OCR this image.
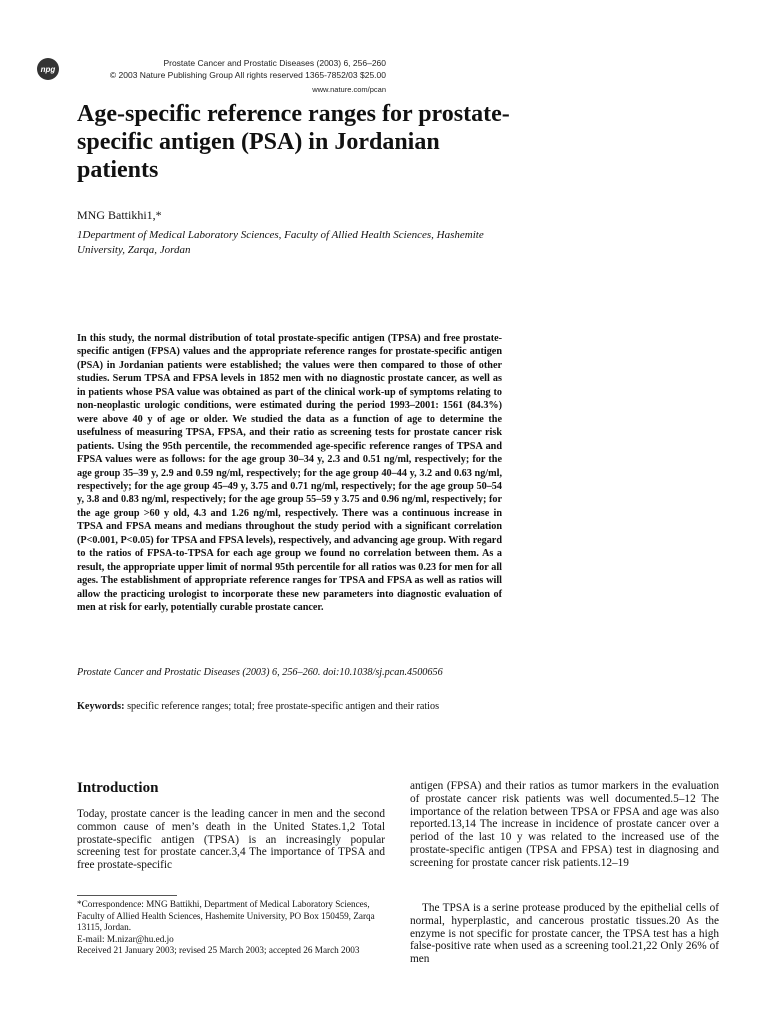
npg
Prostate Cancer and Prostatic Diseases (2003) 6, 256–260
© 2003 Nature Publishing Group All rights reserved 1365-7852/03 $25.00
www.nature.com/pcan
Age-specific reference ranges for prostate-specific antigen (PSA) in Jordanian patients
MNG Battikhi1,*
1Department of Medical Laboratory Sciences, Faculty of Allied Health Sciences, Hashemite University, Zarqa, Jordan

In this study, the normal distribution of total prostate-specific antigen (TPSA) and free prostate-specific antigen (FPSA) values and the appropriate reference ranges for prostate-specific antigen (PSA) in Jordanian patients were established; the values were then compared to those of other studies. Serum TPSA and FPSA levels in 1852 men with no diagnostic prostate cancer, as well as in patients whose PSA value was obtained as part of the clinical work-up of symptoms relating to non-neoplastic urologic conditions, were estimated during the period 1993–2001: 1561 (84.3%) were above 40 y of age or older. We studied the data as a function of age to determine the usefulness of measuring TPSA, FPSA, and their ratio as screening tests for prostate cancer risk patients. Using the 95th percentile, the recommended age-specific reference ranges of TPSA and FPSA values were as follows: for the age group 30–34 y, 2.3 and 0.51 ng/ml, respectively; for the age group 35–39 y, 2.9 and 0.59 ng/ml, respectively; for the age group 40–44 y, 3.2 and 0.63 ng/ml, respectively; for the age group 45–49 y, 3.75 and 0.71 ng/ml, respectively; for the age group 50–54 y, 3.8 and 0.83 ng/ml, respectively; for the age group 55–59 y 3.75 and 0.96 ng/ml, respectively; for the age group >60 y old, 4.3 and 1.26 ng/ml, respectively. There was a continuous increase in TPSA and FPSA means and medians throughout the study period with a significant correlation (P<0.001, P<0.05) for TPSA and FPSA levels), respectively, and advancing age group. With regard to the ratios of FPSA-to-TPSA for each age group we found no correlation between them. As a result, the appropriate upper limit of normal 95th percentile for all ratios was 0.23 for men for all ages. The establishment of appropriate reference ranges for TPSA and FPSA as well as ratios will allow the practicing urologist to incorporate these new parameters into diagnostic evaluation of men at risk for early, potentially curable prostate cancer.

Prostate Cancer and Prostatic Diseases (2003) 6, 256–260. doi:10.1038/sj.pcan.4500656

Keywords: specific reference ranges; total; free prostate-specific antigen and their ratios

Introduction

Today, prostate cancer is the leading cancer in men and the second common cause of men’s death in the United States.1,2 Total prostate-specific antigen (TPSA) is an increasingly popular screening test for prostate cancer.3,4 The importance of TPSA and free prostate-specific

antigen (FPSA) and their ratios as tumor markers in the evaluation of prostate cancer risk patients was well documented.5–12 The importance of the relation between TPSA or FPSA and age was also reported.13,14 The increase in incidence of prostate cancer over a period of the last 10 y was related to the increased use of the prostate-specific antigen (TPSA and FPSA) test in diagnosing and screening for prostate cancer risk patients.12–19

The TPSA is a serine protease produced by the epithelial cells of normal, hyperplastic, and cancerous prostatic tissues.20 As the enzyme is not specific for prostate cancer, the TPSA test has a high false-positive rate when used as a screening tool.21,22 Only 26% of men

*Correspondence: MNG Battikhi, Department of Medical Laboratory Sciences, Faculty of Allied Health Sciences, Hashemite University, PO Box 150459, Zarqa 13115, Jordan.
E-mail: M.nizar@hu.ed.jo
Received 21 January 2003; revised 25 March 2003; accepted 26 March 2003
